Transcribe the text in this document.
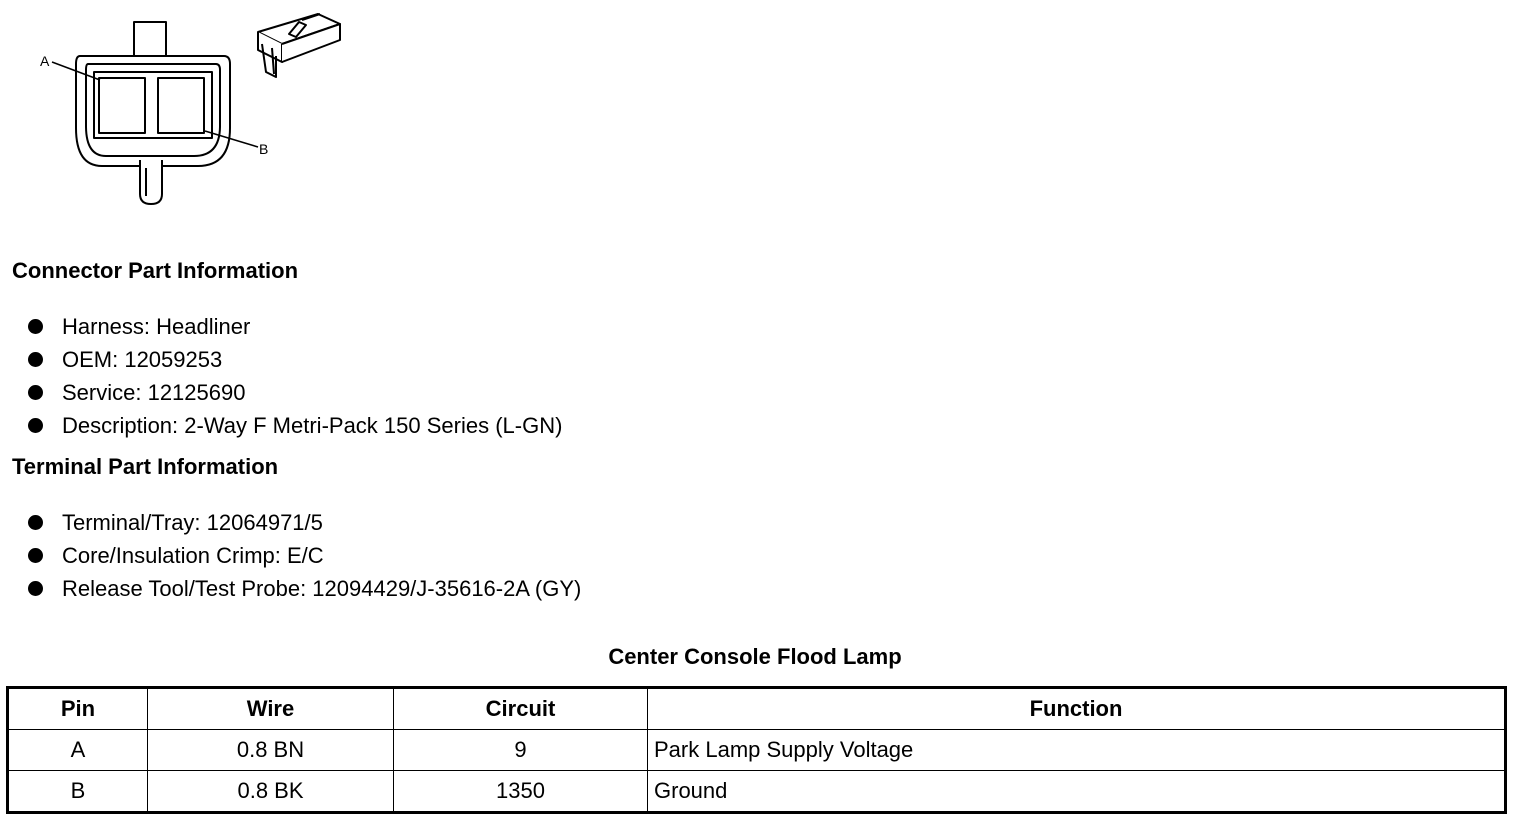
A
B
Connector Part Information
Harness: Headliner
OEM: 12059253
Service: 12125690
Description: 2-Way F Metri-Pack 150 Series (L-GN)
Terminal Part Information
Terminal/Tray: 12064971/5
Core/Insulation Crimp: E/C
Release Tool/Test Probe: 12094429/J-35616-2A (GY)
Center Console Flood Lamp
Pin	Wire	Circuit	Function
A	0.8 BN	9	Park Lamp Supply Voltage
B	0.8 BK	1350	Ground
